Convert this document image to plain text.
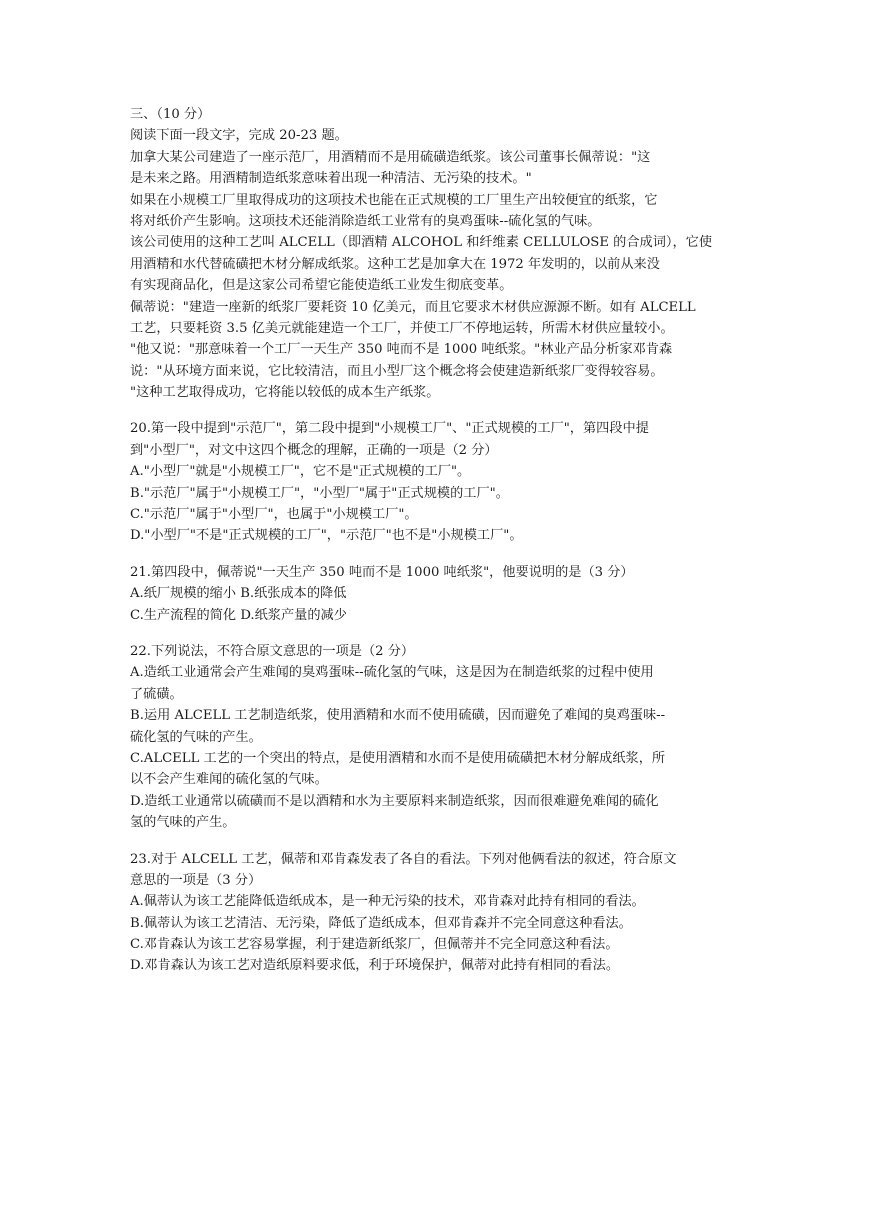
三、（10 分）
阅读下面一段文字，完成 20-23 题。
加拿大某公司建造了一座示范厂，用酒精而不是用硫磺造纸浆。该公司董事长佩蒂说："这
是未来之路。用酒精制造纸浆意味着出现一种清洁、无污染的技术。"
如果在小规模工厂里取得成功的这项技术也能在正式规模的工厂里生产出较便宜的纸浆，它
将对纸价产生影响。这项技术还能消除造纸工业常有的臭鸡蛋味--硫化氢的气味。
该公司使用的这种工艺叫 ALCELL（即酒精 ALCOHOL 和纤维素 CELLULOSE 的合成词），它使
用酒精和水代替硫磺把木材分解成纸浆。这种工艺是加拿大在 1972 年发明的，以前从来没
有实现商品化，但是这家公司希望它能使造纸工业发生彻底变革。
佩蒂说："建造一座新的纸浆厂要耗资 10 亿美元，而且它要求木材供应源源不断。如有 ALCELL
工艺，只要耗资 3.5 亿美元就能建造一个工厂，并使工厂不停地运转，所需木材供应量较小。
"他又说："那意味着一个工厂一天生产 350 吨而不是 1000 吨纸浆。"林业产品分析家邓肯森
说："从环境方面来说，它比较清洁，而且小型厂这个概念将会使建造新纸浆厂变得较容易。
"这种工艺取得成功，它将能以较低的成本生产纸浆。
20.第一段中提到"示范厂"，第二段中提到"小规模工厂"、"正式规模的工厂"，第四段中提
到"小型厂"，对文中这四个概念的理解，正确的一项是（2 分）
A."小型厂"就是"小规模工厂"，它不是"正式规模的工厂"。
B."示范厂"属于"小规模工厂"，"小型厂"属于"正式规模的工厂"。
C."示范厂"属于"小型厂"，也属于"小规模工厂"。
D."小型厂"不是"正式规模的工厂"，"示范厂"也不是"小规模工厂"。
21.第四段中，佩蒂说"一天生产 350 吨而不是 1000 吨纸浆"，他要说明的是（3 分）
A.纸厂规模的缩小 B.纸张成本的降低
C.生产流程的简化 D.纸浆产量的减少
22.下列说法，不符合原文意思的一项是（2 分）
A.造纸工业通常会产生难闻的臭鸡蛋味--硫化氢的气味，这是因为在制造纸浆的过程中使用
了硫磺。
B.运用 ALCELL 工艺制造纸浆，使用酒精和水而不使用硫磺，因而避免了难闻的臭鸡蛋味--
硫化氢的气味的产生。
C.ALCELL 工艺的一个突出的特点，是使用酒精和水而不是使用硫磺把木材分解成纸浆，所
以不会产生难闻的硫化氢的气味。
D.造纸工业通常以硫磺而不是以酒精和水为主要原料来制造纸浆，因而很难避免难闻的硫化
氢的气味的产生。
23.对于 ALCELL 工艺，佩蒂和邓肯森发表了各自的看法。下列对他俩看法的叙述，符合原文
意思的一项是（3 分）
A.佩蒂认为该工艺能降低造纸成本，是一种无污染的技术，邓肯森对此持有相同的看法。
B.佩蒂认为该工艺清洁、无污染，降低了造纸成本，但邓肯森并不完全同意这种看法。
C.邓肯森认为该工艺容易掌握，利于建造新纸浆厂，但佩蒂并不完全同意这种看法。
D.邓肯森认为该工艺对造纸原料要求低，利于环境保护，佩蒂对此持有相同的看法。
